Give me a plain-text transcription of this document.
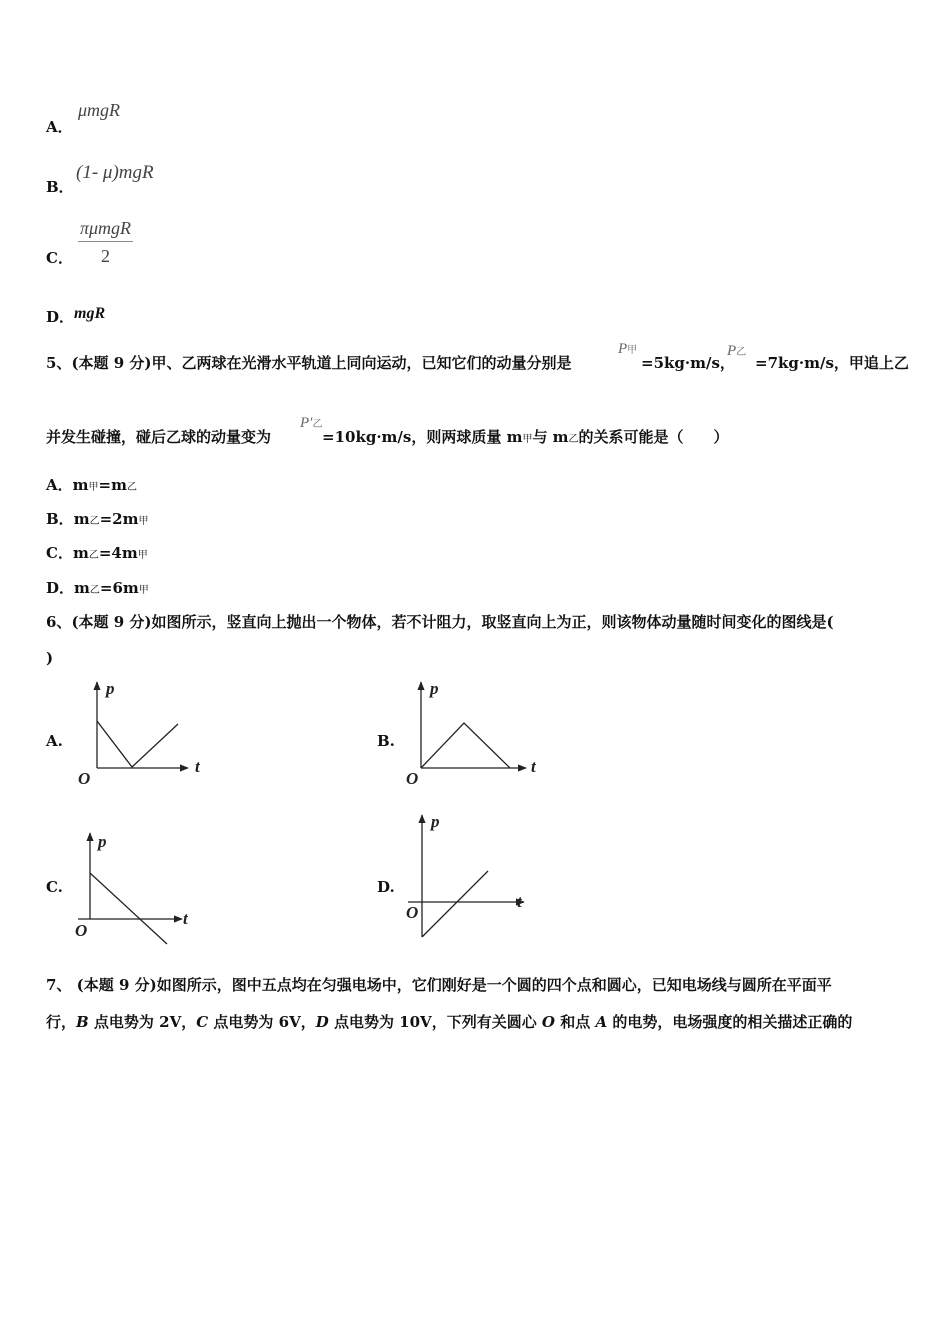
A．
μmgR
B．
(1- μ)mgR
C．
πμmgR
2
D． mgR
5、(本题 9 分)甲、乙两球在光滑水平轨道上同向运动，已知它们的动量分别是
P甲
=5kg·m/s，
P乙
=7kg·m/s，甲追上乙
并发生碰撞，碰后乙球的动量变为
P′乙
=10kg·m/s，则两球质量 m甲与 m乙的关系可能是（　　）
A．m甲=m乙
B．m乙=2m甲
C．m乙=4m甲
D．m乙=6m甲
6、(本题 9 分)如图所示，竖直向上抛出一个物体，若不计阻力，取竖直向上为正，则该物体动量随时间变化的图线是(
)
A.
p
t
O
B.
p
t
O
C.
p
t
O
D.
p
t
O
7、 (本题 9 分)如图所示，图中五点均在匀强电场中，它们刚好是一个圆的四个点和圆心，已知电场线与圆所在平面平
行，B 点电势为 2V，C 点电势为 6V，D 点电势为 10V，下列有关圆心 O 和点 A 的电势，电场强度的相关描述正确的
